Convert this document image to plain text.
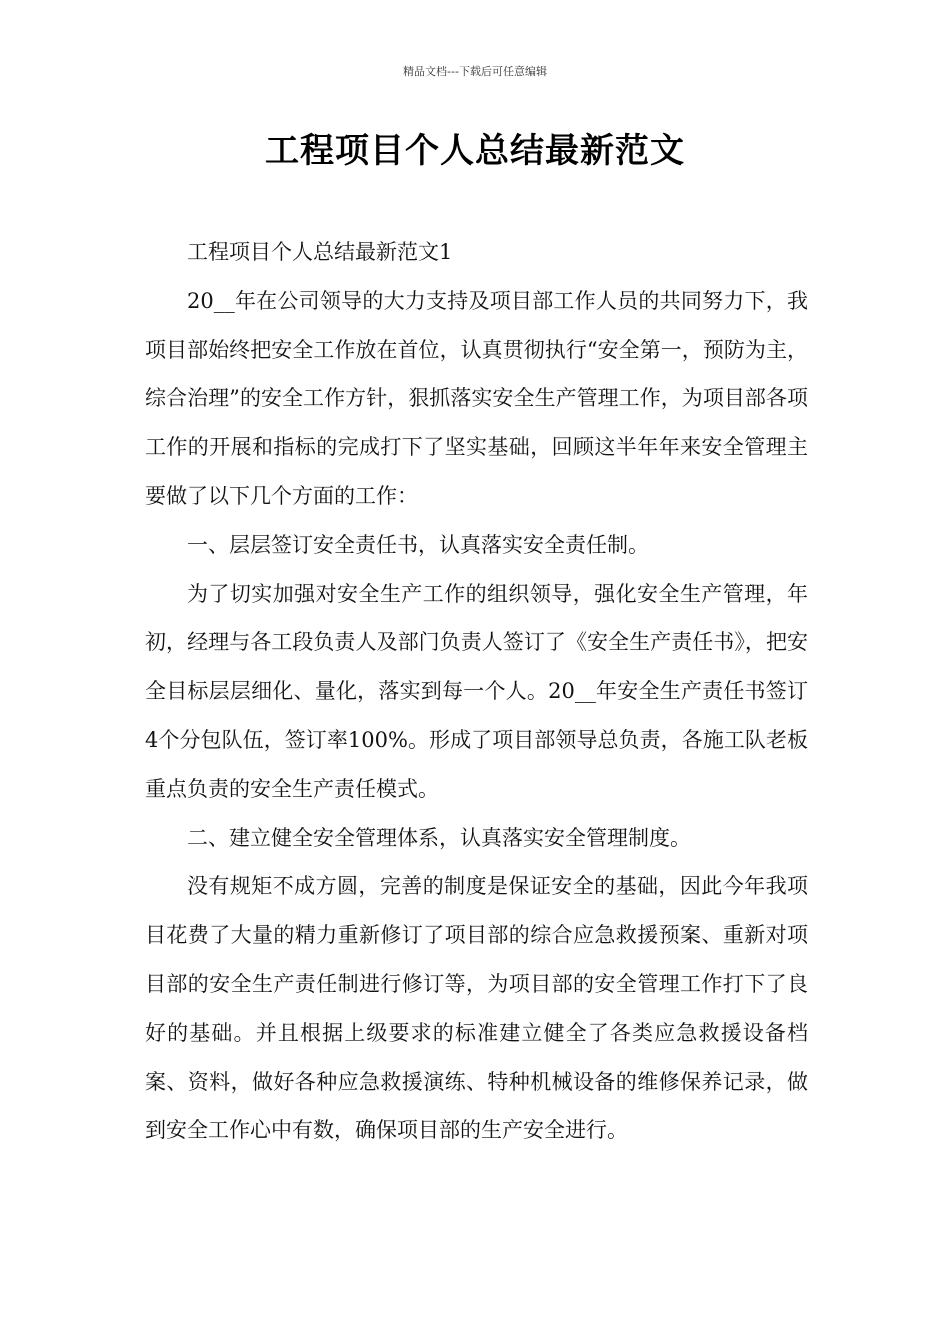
精品文档---下载后可任意编辑
工程项目个人总结最新范文

工程项目个人总结最新范文1

20__年在公司领导的大力支持及项目部工作人员的共同努力下，我项目部始终把安全工作放在首位，认真贯彻执行“安全第一，预防为主，综合治理”的安全工作方针，狠抓落实安全生产管理工作，为项目部各项工作的开展和指标的完成打下了坚实基础，回顾这半年年来安全管理主要做了以下几个方面的工作：

一、层层签订安全责任书，认真落实安全责任制。

为了切实加强对安全生产工作的组织领导，强化安全生产管理，年初，经理与各工段负责人及部门负责人签订了《安全生产责任书》，把安全目标层层细化、量化，落实到每一个人。20__年安全生产责任书签订4个分包队伍，签订率100%。形成了项目部领导总负责，各施工队老板重点负责的安全生产责任模式。

二、建立健全安全管理体系，认真落实安全管理制度。

没有规矩不成方圆，完善的制度是保证安全的基础，因此今年我项目花费了大量的精力重新修订了项目部的综合应急救援预案、重新对项目部的安全生产责任制进行修订等，为项目部的安全管理工作打下了良好的基础。并且根据上级要求的标准建立健全了各类应急救援设备档案、资料，做好各种应急救援演练、特种机械设备的维修保养记录，做到安全工作心中有数，确保项目部的生产安全进行。
